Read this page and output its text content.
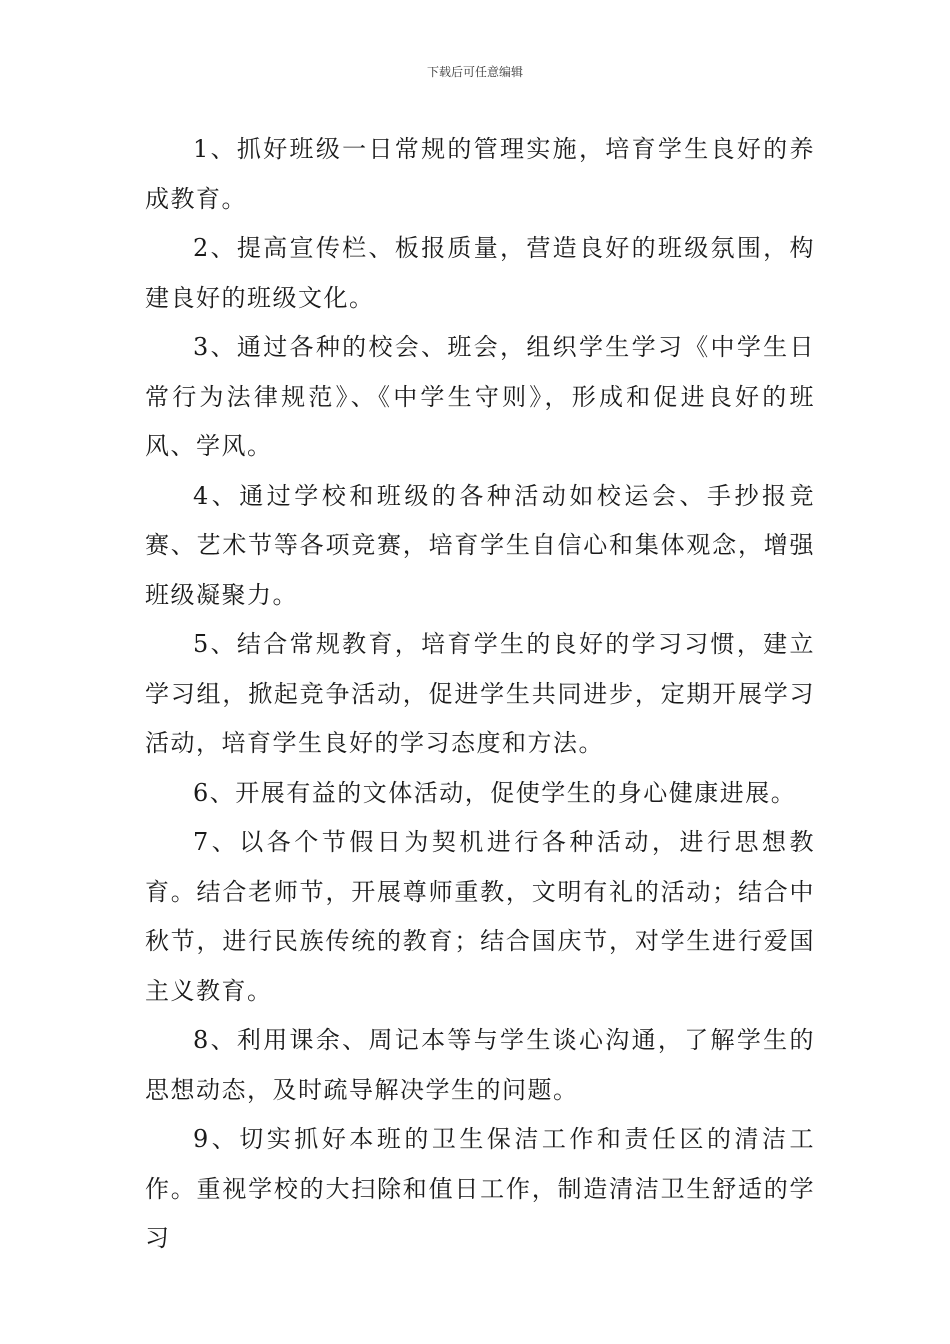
下载后可任意编辑

1、抓好班级一日常规的管理实施，培育学生良好的养成教育。

2、提高宣传栏、板报质量，营造良好的班级氛围，构建良好的班级文化。

3、通过各种的校会、班会，组织学生学习《中学生日常行为法律规范》、《中学生守则》，形成和促进良好的班风、学风。

4、通过学校和班级的各种活动如校运会、手抄报竞赛、艺术节等各项竞赛，培育学生自信心和集体观念，增强班级凝聚力。

5、结合常规教育，培育学生的良好的学习习惯，建立学习组，掀起竞争活动，促进学生共同进步，定期开展学习活动，培育学生良好的学习态度和方法。

6、开展有益的文体活动，促使学生的身心健康进展。

7、以各个节假日为契机进行各种活动，进行思想教育。结合老师节，开展尊师重教，文明有礼的活动；结合中秋节，进行民族传统的教育；结合国庆节，对学生进行爱国主义教育。

8、利用课余、周记本等与学生谈心沟通，了解学生的思想动态，及时疏导解决学生的问题。

9、切实抓好本班的卫生保洁工作和责任区的清洁工作。重视学校的大扫除和值日工作，制造清洁卫生舒适的学习
